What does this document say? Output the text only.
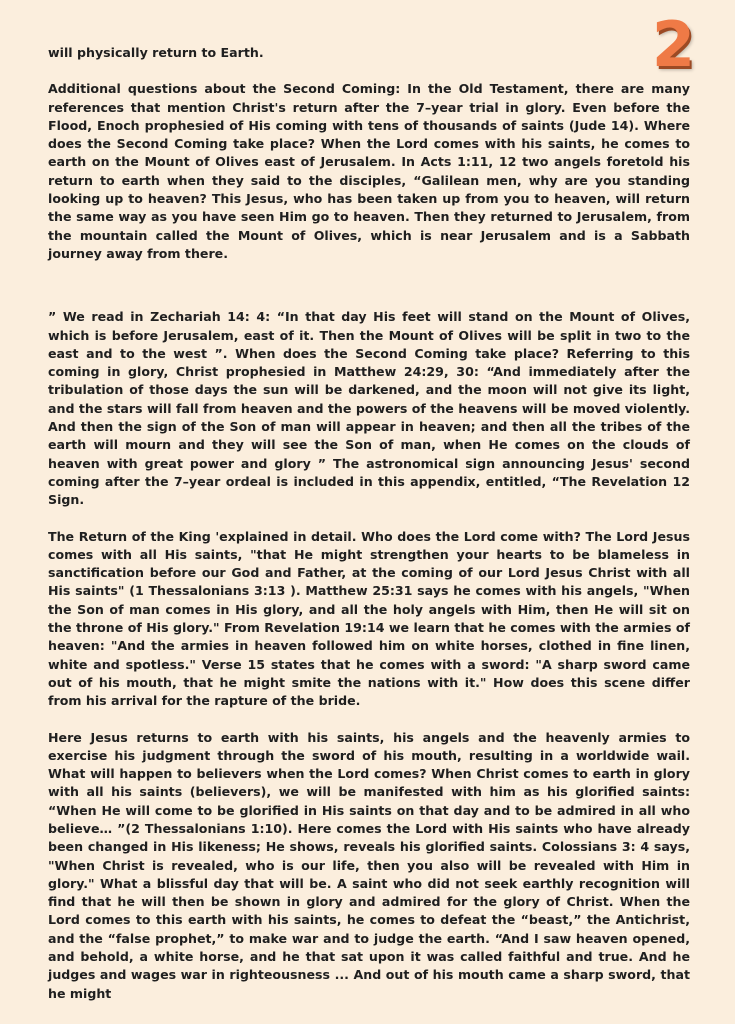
2

will physically return to Earth.

Additional questions about the Second Coming: In the Old Testament, there are many references that mention Christ's return after the 7–year trial in glory. Even before the Flood, Enoch prophesied of His coming with tens of thousands of saints (Jude 14). Where does the Second Coming take place? When the Lord comes with his saints, he comes to earth on the Mount of Olives east of Jerusalem. In Acts 1:11, 12 two angels foretold his return to earth when they said to the disciples, “Galilean men, why are you standing looking up to heaven? This Jesus, who has been taken up from you to heaven, will return the same way as you have seen Him go to heaven. Then they returned to Jerusalem, from the mountain called the Mount of Olives, which is near Jerusalem and is a Sabbath journey away from there.

” We read in Zechariah 14: 4: “In that day His feet will stand on the Mount of Olives, which is before Jerusalem, east of it. Then the Mount of Olives will be split in two to the east and to the west ”. When does the Second Coming take place? Referring to this coming in glory, Christ prophesied in Matthew 24:29, 30: “And immediately after the tribulation of those days the sun will be darkened, and the moon will not give its light, and the stars will fall from heaven and the powers of the heavens will be moved violently. And then the sign of the Son of man will appear in heaven; and then all the tribes of the earth will mourn and they will see the Son of man, when He comes on the clouds of heaven with great power and glory ” The astronomical sign announcing Jesus' second coming after the 7–year ordeal is included in this appendix, entitled, “The Revelation 12 Sign.

The Return of the King 'explained in detail. Who does the Lord come with? The Lord Jesus comes with all His saints, "that He might strengthen your hearts to be blameless in sanctification before our God and Father, at the coming of our Lord Jesus Christ with all His saints" (1 Thessalonians 3:13 ). Matthew 25:31 says he comes with his angels, "When the Son of man comes in His glory, and all the holy angels with Him, then He will sit on the throne of His glory." From Revelation 19:14 we learn that he comes with the armies of heaven: "And the armies in heaven followed him on white horses, clothed in fine linen, white and spotless." Verse 15 states that he comes with a sword: "A sharp sword came out of his mouth, that he might smite the nations with it." How does this scene differ from his arrival for the rapture of the bride.

Here Jesus returns to earth with his saints, his angels and the heavenly armies to exercise his judgment through the sword of his mouth, resulting in a worldwide wail. What will happen to believers when the Lord comes? When Christ comes to earth in glory with all his saints (believers), we will be manifested with him as his glorified saints: “When He will come to be glorified in His saints on that day and to be admired in all who believe… ”(2 Thessalonians 1:10). Here comes the Lord with His saints who have already been changed in His likeness; He shows, reveals his glorified saints. Colossians 3: 4 says, "When Christ is revealed, who is our life, then you also will be revealed with Him in glory." What a blissful day that will be. A saint who did not seek earthly recognition will find that he will then be shown in glory and admired for the glory of Christ. When the Lord comes to this earth with his saints, he comes to defeat the “beast,” the Antichrist, and the “false prophet,” to make war and to judge the earth. “And I saw heaven opened, and behold, a white horse, and he that sat upon it was called faithful and true. And he judges and wages war in righteousness ... And out of his mouth came a sharp sword, that he might
